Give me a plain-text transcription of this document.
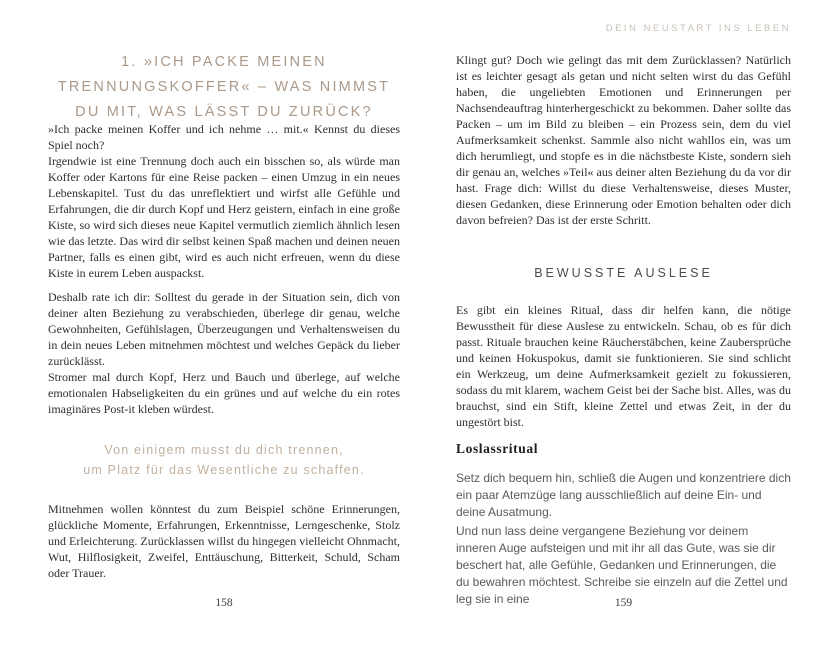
1. »ICH PACKE MEINEN
TRENNUNGSKOFFER« – WAS NIMMST
DU MIT, WAS LÄSST DU ZURÜCK?

»Ich packe meinen Koffer und ich nehme … mit.« Kennst du dieses Spiel noch?

Irgendwie ist eine Trennung doch auch ein bisschen so, als würde man Koffer oder Kartons für eine Reise packen – einen Umzug in ein neues Lebenskapitel. Tust du das unreflektiert und wirfst alle Gefühle und Erfahrungen, die dir durch Kopf und Herz geistern, einfach in eine große Kiste, so wird sich dieses neue Kapitel vermutlich ziemlich ähnlich lesen wie das letzte. Das wird dir selbst keinen Spaß machen und deinen neuen Partner, falls es einen gibt, wird es auch nicht erfreuen, wenn du diese Kiste in eurem Leben auspackst.

Deshalb rate ich dir: Solltest du gerade in der Situation sein, dich von deiner alten Beziehung zu verabschieden, überlege dir genau, welche Gewohnheiten, Gefühlslagen, Überzeugungen und Verhaltensweisen du in dein neues Leben mitnehmen möchtest und welches Gepäck du lieber zurücklässt.

Stromer mal durch Kopf, Herz und Bauch und überlege, auf welche emotionalen Habseligkeiten du ein grünes und auf welche du ein rotes imaginäres Post-it kleben würdest.

Von einigem musst du dich trennen,
um Platz für das Wesentliche zu schaffen.

Mitnehmen wollen könntest du zum Beispiel schöne Erinnerungen, glückliche Momente, Erfahrungen, Erkenntnisse, Lerngeschenke, Stolz und Erleichterung. Zurücklassen willst du hingegen vielleicht Ohnmacht, Wut, Hilflosigkeit, Zweifel, Enttäuschung, Bitterkeit, Schuld, Scham oder Trauer.

158
DEIN NEUSTART INS LEBEN

Klingt gut? Doch wie gelingt das mit dem Zurücklassen? Natürlich ist es leichter gesagt als getan und nicht selten wirst du das Gefühl haben, die ungeliebten Emotionen und Erinnerungen per Nachsendeauftrag hinterhergeschickt zu bekommen. Daher sollte das Packen – um im Bild zu bleiben – ein Prozess sein, dem du viel Aufmerksamkeit schenkst. Sammle also nicht wahllos ein, was um dich herumliegt, und stopfe es in die nächstbeste Kiste, sondern sieh dir genau an, welches »Teil« aus deiner alten Beziehung du da vor dir hast. Frage dich: Willst du diese Verhaltensweise, dieses Muster, diesen Gedanken, diese Erinnerung oder Emotion behalten oder dich davon befreien? Das ist der erste Schritt.

BEWUSSTE AUSLESE

Es gibt ein kleines Ritual, dass dir helfen kann, die nötige Bewusstheit für diese Auslese zu entwickeln. Schau, ob es für dich passt. Rituale brauchen keine Räucherstäbchen, keine Zaubersprüche und keinen Hokuspokus, damit sie funktionieren. Sie sind schlicht ein Werkzeug, um deine Aufmerksamkeit gezielt zu fokussieren, sodass du mit klarem, wachem Geist bei der Sache bist. Alles, was du brauchst, sind ein Stift, kleine Zettel und etwas Zeit, in der du ungestört bist.

Loslassritual

Setz dich bequem hin, schließ die Augen und konzentriere dich ein paar Atemzüge lang ausschließlich auf deine Ein- und deine Ausatmung.

Und nun lass deine vergangene Beziehung vor deinem inneren Auge aufsteigen und mit ihr all das Gute, was sie dir beschert hat, alle Gefühle, Gedanken und Erinnerungen, die du bewahren möchtest. Schreibe sie einzeln auf die Zettel und leg sie in eine	159
